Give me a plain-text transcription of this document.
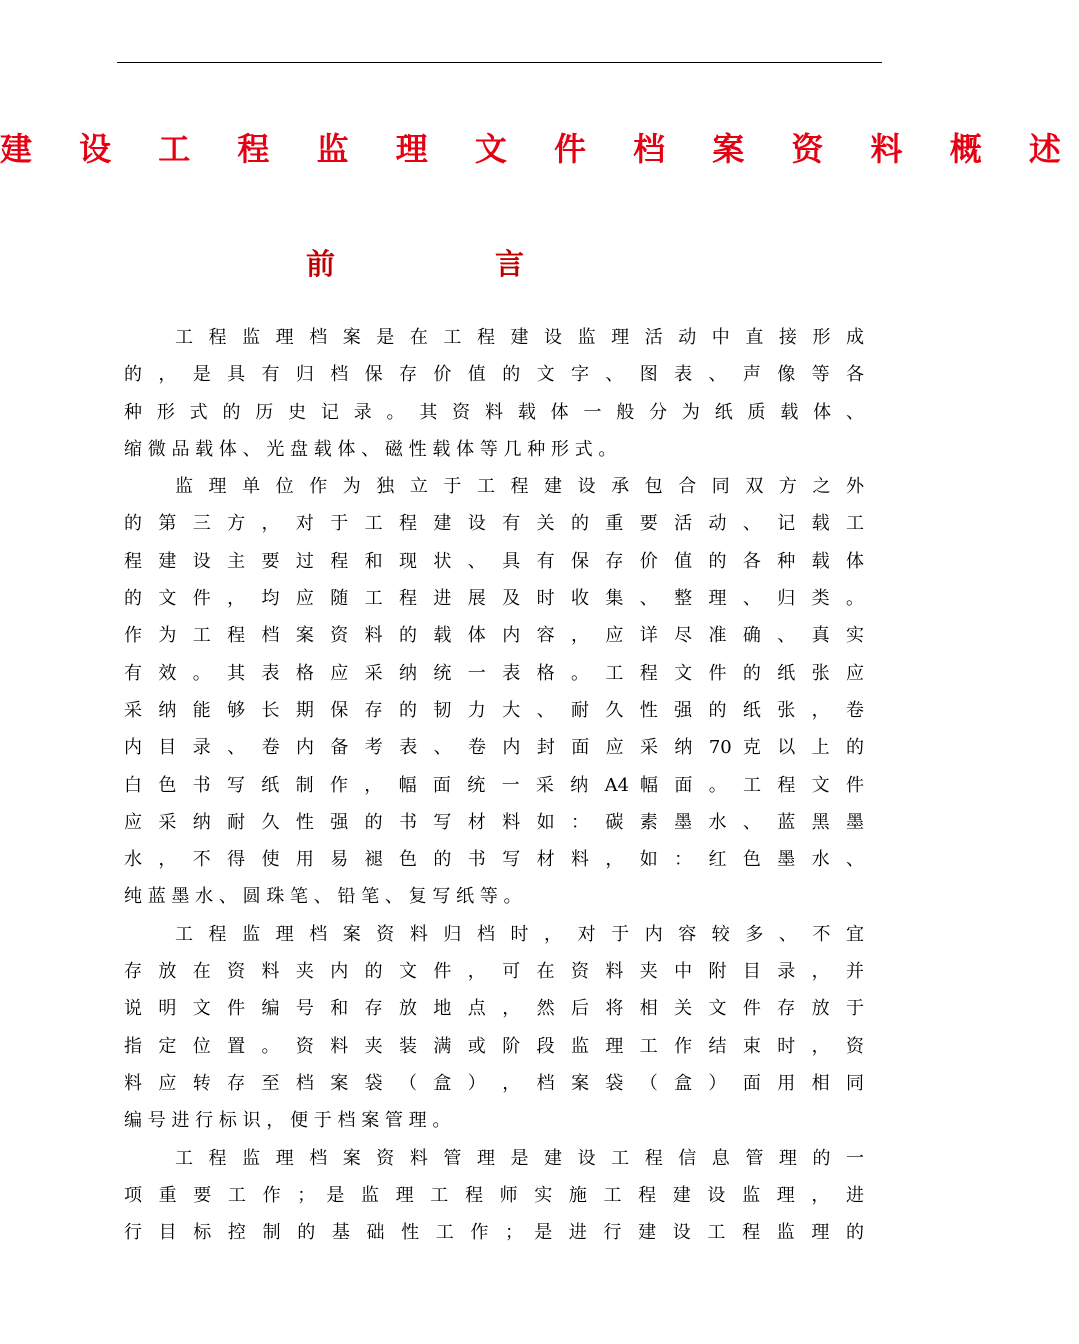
建 设 工 程 监 理 文 件 档 案 资 料 概 述
前言
工 程 监 理 档 案 是 在 工 程 建 设 监 理 活 动 中 直 接 形 成
的 ， 是 具 有 归 档 保 存 价 值 的 文 字 、 图 表 、 声 像 等 各
种 形 式 的 历 史 记 录 。 其 资 料 载 体 一 般 分 为 纸 质 载 体 、
缩 微 品 载 体 、 光 盘 载 体 、 磁 性 载 体 等 几 种 形 式 。
监 理 单 位 作 为 独 立 于 工 程 建 设 承 包 合 同 双 方 之 外
的 第 三 方 ， 对 于 工 程 建 设 有 关 的 重 要 活 动 、 记 载 工
程 建 设 主 要 过 程 和 现 状 、 具 有 保 存 价 值 的 各 种 载 体
的 文 件 ， 均 应 随 工 程 进 展 及 时 收 集 、 整 理 、 归 类 。
作 为 工 程 档 案 资 料 的 载 体 内 容 ， 应 详 尽 准 确 、 真 实
有 效 。 其 表 格 应 采 纳 统 一 表 格 。 工 程 文 件 的 纸 张 应
采 纳 能 够 长 期 保 存 的 韧 力 大 、 耐 久 性 强 的 纸 张 ， 卷
内 目 录 、 卷 内 备 考 表 、 卷 内 封 面 应 采 纳 70 克 以 上 的
白 色 书 写 纸 制 作 ， 幅 面 统 一 采 纳 A4 幅 面 。 工 程 文 件
应 采 纳 耐 久 性 强 的 书 写 材 料 如 ： 碳 素 墨 水 、 蓝 黑 墨
水 ， 不 得 使 用 易 褪 色 的 书 写 材 料 ， 如 ： 红 色 墨 水 、
纯 蓝 墨 水 、 圆 珠 笔 、 铅 笔 、 复 写 纸 等 。
工 程 监 理 档 案 资 料 归 档 时 ， 对 于 内 容 较 多 、 不 宜
存 放 在 资 料 夹 内 的 文 件 ， 可 在 资 料 夹 中 附 目 录 ， 并
说 明 文 件 编 号 和 存 放 地 点 ， 然 后 将 相 关 文 件 存 放 于
指 定 位 置 。 资 料 夹 装 满 或 阶 段 监 理 工 作 结 束 时 ， 资
料 应 转 存 至 档 案 袋 （ 盒 ） ， 档 案 袋 （ 盒 ） 面 用 相 同
编 号 进 行 标 识 ， 便 于 档 案 管 理 。
工 程 监 理 档 案 资 料 管 理 是 建 设 工 程 信 息 管 理 的 一
项 重 要 工 作 ； 是 监 理 工 程 师 实 施 工 程 建 设 监 理 ， 进
行 目 标 控 制 的 基 础 性 工 作 ； 是 进 行 建 设 工 程 监 理 的
